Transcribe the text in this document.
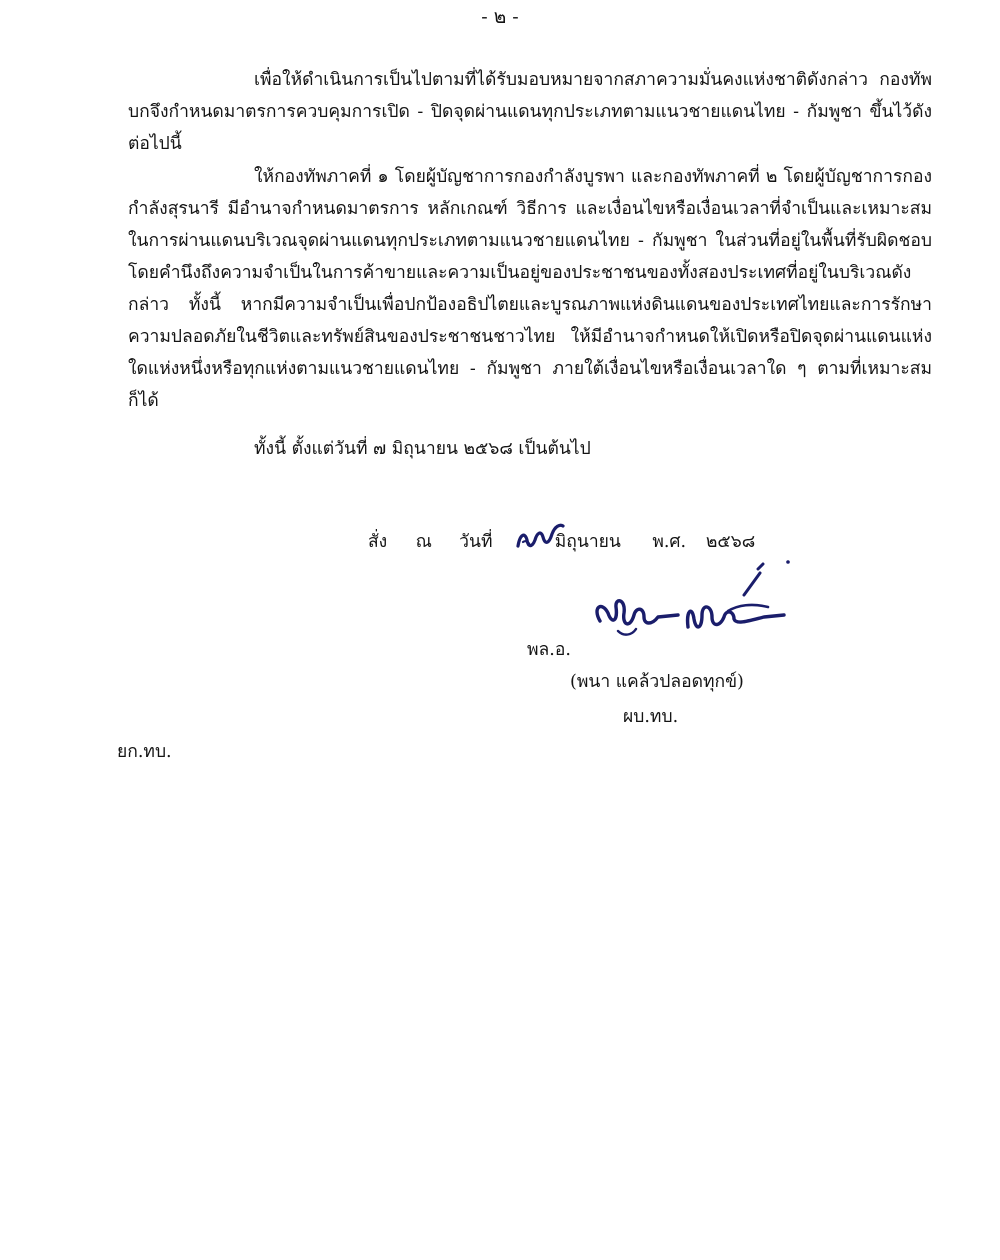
- ๒ -

เพื่อให้ดำเนินการเป็นไปตามที่ได้รับมอบหมายจากสภาความมั่นคงแห่งชาติดังกล่าว กองทัพบกจึงกำหนดมาตรการควบคุมการเปิด - ปิดจุดผ่านแดนทุกประเภทตามแนวชายแดนไทย - กัมพูชา ขึ้นไว้ดังต่อไปนี้

ให้กองทัพภาคที่ ๑ โดยผู้บัญชาการกองกำลังบูรพา และกองทัพภาคที่ ๒ โดยผู้บัญชาการกองกำลังสุรนารี มีอำนาจกำหนดมาตรการ หลักเกณฑ์ วิธีการ และเงื่อนไขหรือเงื่อนเวลาที่จำเป็นและเหมาะสม ในการผ่านแดนบริเวณจุดผ่านแดนทุกประเภทตามแนวชายแดนไทย - กัมพูชา ในส่วนที่อยู่ในพื้นที่รับผิดชอบ โดยคำนึงถึงความจำเป็นในการค้าขายและความเป็นอยู่ของประชาชนของทั้งสองประเทศที่อยู่ในบริเวณดังกล่าว ทั้งนี้ หากมีความจำเป็นเพื่อปกป้องอธิปไตยและบูรณภาพแห่งดินแดนของประเทศไทยและการรักษาความปลอดภัยในชีวิตและทรัพย์สินของประชาชนชาวไทย ให้มีอำนาจกำหนดให้เปิดหรือปิดจุดผ่านแดนแห่งใดแห่งหนึ่งหรือทุกแห่งตามแนวชายแดนไทย - กัมพูชา ภายใต้เงื่อนไขหรือเงื่อนเวลาใด ๆ ตามที่เหมาะสมก็ได้

ทั้งนี้ ตั้งแต่วันที่ ๗ มิถุนายน ๒๕๖๘ เป็นต้นไป

สั่ง ณ วันที่	มิถุนายน พ.ศ. ๒๕๖๘
พล.อ.
(พนา แคล้วปลอดทุกข์)
ผบ.ทบ.
ยก.ทบ.
